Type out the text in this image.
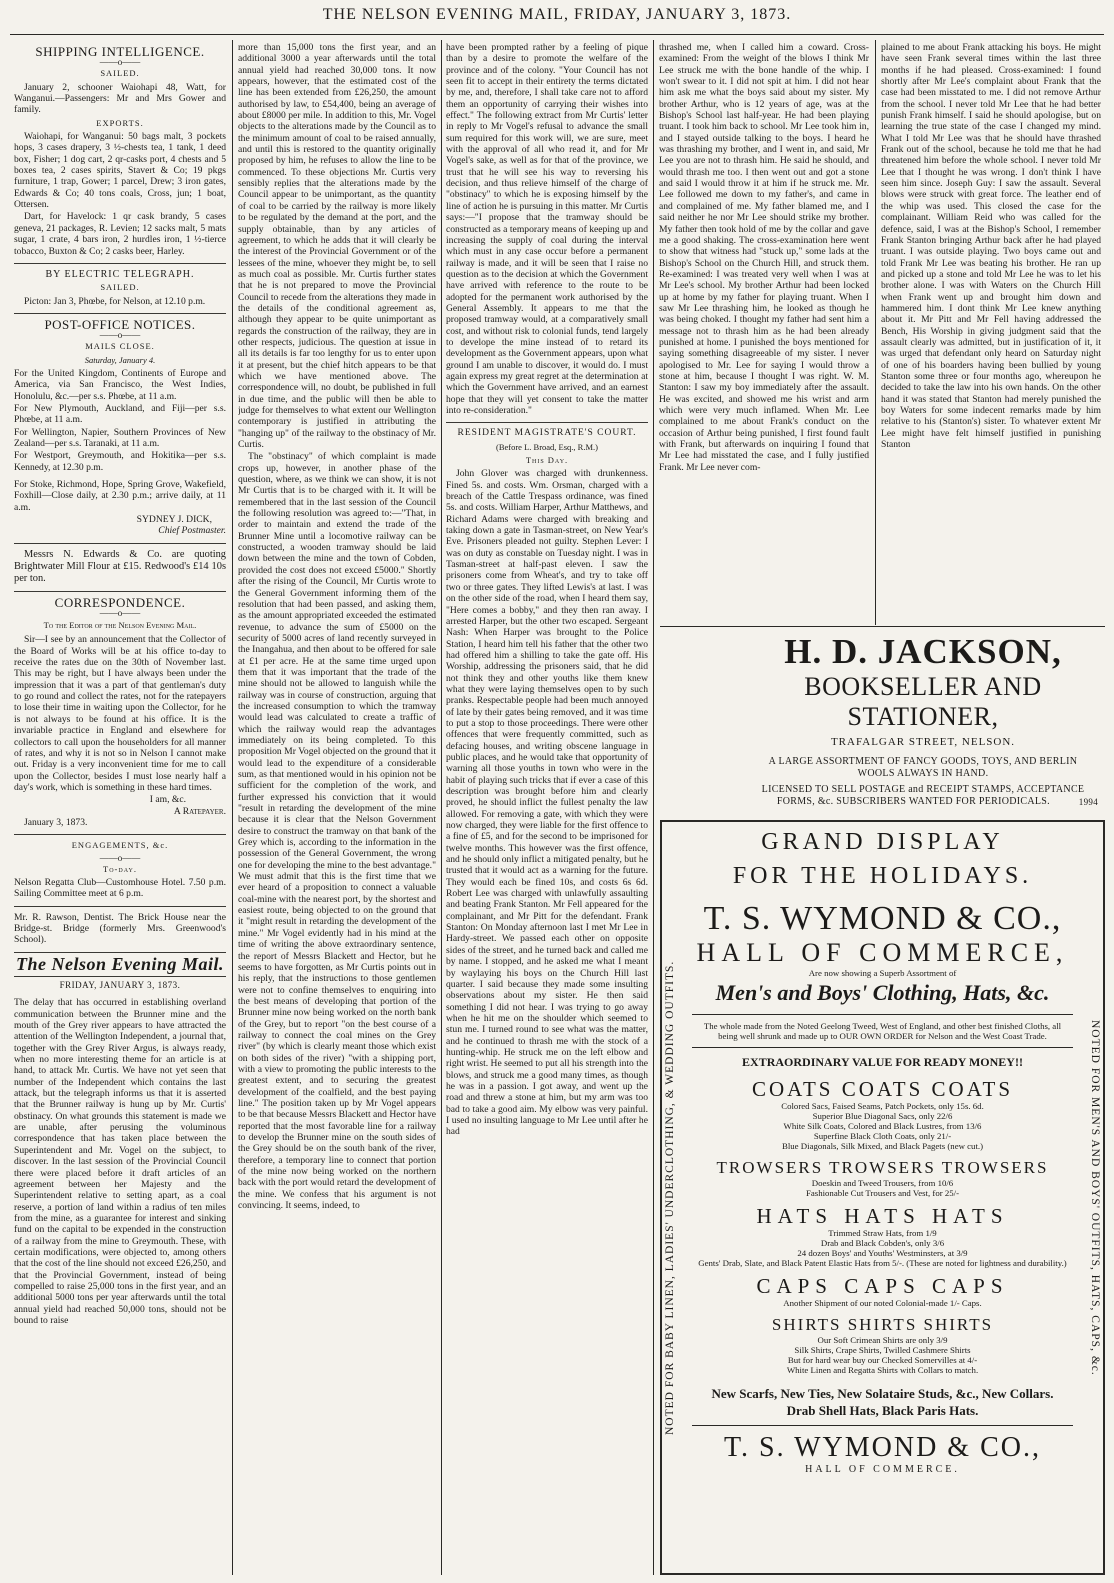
THE NELSON EVENING MAIL, FRIDAY, JANUARY 3, 1873.
SHIPPING INTELLIGENCE.
——o——
SAILED.

January 2, schooner Waiohapi 48, Watt, for Wanganui.—Passengers: Mr and Mrs Gower and family.

EXPORTS.

Waiohapi, for Wanganui: 50 bags malt, 3 pockets hops, 3 cases drapery, 3 ½-chests tea, 1 tank, 1 deed box, Fisher; 1 dog cart, 2 qr-casks port, 4 chests and 5 boxes tea, 2 cases spirits, Stavert & Co; 19 pkgs furniture, 1 trap, Gower; 1 parcel, Drew; 3 iron gates, Edwards & Co; 40 tons coals, Cross, jun; 1 boat, Ottersen.

Dart, for Havelock: 1 qr cask brandy, 5 cases geneva, 21 packages, R. Levien; 12 sacks malt, 5 mats sugar, 1 crate, 4 bars iron, 2 hurdles iron, 1 ½-tierce tobacco, Buxton & Co; 2 casks beer, Harley.

BY ELECTRIC TELEGRAPH.
SAILED.

Picton: Jan 3, Phœbe, for Nelson, at 12.10 p.m.

POST-OFFICE NOTICES.
——o——
MAILS CLOSE.
Saturday, January 4.

For the United Kingdom, Continents of Europe and America, via San Francisco, the West Indies, Honolulu, &c.—per s.s. Phœbe, at 11 a.m.

For New Plymouth, Auckland, and Fiji—per s.s. Phœbe, at 11 a.m.

For Wellington, Napier, Southern Provinces of New Zealand—per s.s. Taranaki, at 11 a.m.

For Westport, Greymouth, and Hokitika—per s.s. Kennedy, at 12.30 p.m.

For Stoke, Richmond, Hope, Spring Grove, Wakefield, Foxhill—Close daily, at 2.30 p.m.; arrive daily, at 11 a.m.

SYDNEY J. DICK,
Chief Postmaster.

Messrs N. Edwards & Co. are quoting Brightwater Mill Flour at £15. Redwood's £14 10s per ton.

CORRESPONDENCE.
——o——
To the Editor of the Nelson Evening Mail.

Sir—I see by an announcement that the Collector of the Board of Works will be at his office to-day to receive the rates due on the 30th of November last. This may be right, but I have always been under the impression that it was a part of that gentleman's duty to go round and collect the rates, not for the ratepayers to lose their time in waiting upon the Collector, for he is not always to be found at his office. It is the invariable practice in England and elsewhere for collectors to call upon the householders for all manner of rates, and why it is not so in Nelson I cannot make out. Friday is a very inconvenient time for me to call upon the Collector, besides I must lose nearly half a day's work, which is something in these hard times.

I am, &c.
A Ratepayer.

January 3, 1873.

ENGAGEMENTS, &c.
——o——
To-day.

Nelson Regatta Club—Customhouse Hotel. 7.50 p.m. Sailing Committee meet at 6 p.m.

Mr. R. Rawson, Dentist. The Brick House near the Bridge-st. Bridge (formerly Mrs. Greenwood's School).

The Nelson Evening Mail.
FRIDAY, JANUARY 3, 1873.

The delay that has occurred in establishing overland communication between the Brunner mine and the mouth of the Grey river appears to have attracted the attention of the Wellington Independent, a journal that, together with the Grey River Argus, is always ready, when no more interesting theme for an article is at hand, to attack Mr. Curtis. We have not yet seen that number of the Independent which contains the last attack, but the telegraph informs us that it is asserted that the Brunner railway is hung up by Mr. Curtis' obstinacy. On what grounds this statement is made we are unable, after perusing the voluminous correspondence that has taken place between the Superintendent and Mr. Vogel on the subject, to discover. In the last session of the Provincial Council there were placed before it draft articles of an agreement between her Majesty and the Superintendent relative to setting apart, as a coal reserve, a portion of land within a radius of ten miles from the mine, as a guarantee for interest and sinking fund on the capital to be expended in the construction of a railway from the mine to Greymouth. These, with certain modifications, were objected to, among others that the cost of the line should not exceed £26,250, and that the Provincial Government, instead of being compelled to raise 25,000 tons in the first year, and an additional 5000 tons per year afterwards until the total annual yield had reached 50,000 tons, should not be bound to raise

more than 15,000 tons the first year, and an additional 3000 a year afterwards until the total annual yield had reached 30,000 tons. It now appears, however, that the estimated cost of the line has been extended from £26,250, the amount authorised by law, to £54,400, being an average of about £8000 per mile. In addition to this, Mr. Vogel objects to the alterations made by the Council as to the minimum amount of coal to be raised annually, and until this is restored to the quantity originally proposed by him, he refuses to allow the line to be commenced. To these objections Mr. Curtis very sensibly replies that the alterations made by the Council appear to be unimportant, as the quantity of coal to be carried by the railway is more likely to be regulated by the demand at the port, and the supply obtainable, than by any articles of agreement, to which he adds that it will clearly be the interest of the Provincial Government or of the lessees of the mine, whoever they might be, to sell as much coal as possible. Mr. Curtis further states that he is not prepared to move the Provincial Council to recede from the alterations they made in the details of the conditional agreement as, although they appear to be quite unimportant as regards the construction of the railway, they are in other respects, judicious. The question at issue in all its details is far too lengthy for us to enter upon it at present, but the chief hitch appears to be that which we have mentioned above. The correspondence will, no doubt, be published in full in due time, and the public will then be able to judge for themselves to what extent our Wellington contemporary is justified in attributing the "hanging up" of the railway to the obstinacy of Mr. Curtis.

The "obstinacy" of which complaint is made crops up, however, in another phase of the question, where, as we think we can show, it is not Mr Curtis that is to be charged with it. It will be remembered that in the last session of the Council the following resolution was agreed to:—"That, in order to maintain and extend the trade of the Brunner Mine until a locomotive railway can be constructed, a wooden tramway should be laid down between the mine and the town of Cobden, provided the cost does not exceed £5000." Shortly after the rising of the Council, Mr Curtis wrote to the General Government informing them of the resolution that had been passed, and asking them, as the amount appropriated exceeded the estimated revenue, to advance the sum of £5000 on the security of 5000 acres of land recently surveyed in the Inangahua, and then about to be offered for sale at £1 per acre. He at the same time urged upon them that it was important that the trade of the mine should not be allowed to languish while the railway was in course of construction, arguing that the increased consumption to which the tramway would lead was calculated to create a traffic of which the railway would reap the advantages immediately on its being completed. To this proposition Mr Vogel objected on the ground that it would lead to the expenditure of a considerable sum, as that mentioned would in his opinion not be sufficient for the completion of the work, and further expressed his conviction that it would "result in retarding the development of the mine because it is clear that the Nelson Government desire to construct the tramway on that bank of the Grey which is, according to the information in the possession of the General Government, the wrong one for developing the mine to the best advantage." We must admit that this is the first time that we ever heard of a proposition to connect a valuable coal-mine with the nearest port, by the shortest and easiest route, being objected to on the ground that it "might result in retarding the development of the mine." Mr Vogel evidently had in his mind at the time of writing the above extraordinary sentence, the report of Messrs Blackett and Hector, but he seems to have forgotten, as Mr Curtis points out in his reply, that the instructions to those gentlemen were not to confine themselves to enquiring into the best means of developing that portion of the Brunner mine now being worked on the north bank of the Grey, but to report "on the best course of a railway to connect the coal mines on the Grey river" (by which is clearly meant those which exist on both sides of the river) "with a shipping port, with a view to promoting the public interests to the greatest extent, and to securing the greatest development of the coalfield, and the best paying line." The position taken up by Mr Vogel appears to be that because Messrs Blackett and Hector have reported that the most favorable line for a railway to develop the Brunner mine on the south sides of the Grey should be on the south bank of the river, therefore, a temporary line to connect that portion of the mine now being worked on the northern back with the port would retard the development of the mine. We confess that his argument is not convincing. It seems, indeed, to

have been prompted rather by a feeling of pique than by a desire to promote the welfare of the province and of the colony. "Your Council has not seen fit to accept in their entirety the terms dictated by me, and, therefore, I shall take care not to afford them an opportunity of carrying their wishes into effect." The following extract from Mr Curtis' letter in reply to Mr Vogel's refusal to advance the small sum required for this work will, we are sure, meet with the approval of all who read it, and for Mr Vogel's sake, as well as for that of the province, we trust that he will see his way to reversing his decision, and thus relieve himself of the charge of "obstinacy" to which he is exposing himself by the line of action he is pursuing in this matter. Mr Curtis says:—"I propose that the tramway should be constructed as a temporary means of keeping up and increasing the supply of coal during the interval which must in any case occur before a permanent railway is made, and it will be seen that I raise no question as to the decision at which the Government have arrived with reference to the route to be adopted for the permanent work authorised by the General Assembly. It appears to me that the proposed tramway would, at a comparatively small cost, and without risk to colonial funds, tend largely to develope the mine instead of to retard its development as the Government appears, upon what ground I am unable to discover, it would do. I must again express my great regret at the determination at which the Government have arrived, and an earnest hope that they will yet consent to take the matter into re-consideration."

RESIDENT MAGISTRATE'S COURT.
(Before L. Broad, Esq., R.M.)
This Day.

John Glover was charged with drunkenness. Fined 5s. and costs. Wm. Orsman, charged with a breach of the Cattle Trespass ordinance, was fined 5s. and costs. William Harper, Arthur Matthews, and Richard Adams were charged with breaking and taking down a gate in Tasman-street, on New Year's Eve. Prisoners pleaded not guilty. Stephen Lever: I was on duty as constable on Tuesday night. I was in Tasman-street at half-past eleven. I saw the prisoners come from Wheat's, and try to take off two or three gates. They lifted Lewis's at last. I was on the other side of the road, when I heard them say, "Here comes a bobby," and they then ran away. I arrested Harper, but the other two escaped. Sergeant Nash: When Harper was brought to the Police Station, I heard him tell his father that the other two had offered him a shilling to take the gate off. His Worship, addressing the prisoners said, that he did not think they and other youths like them knew what they were laying themselves open to by such pranks. Respectable people had been much annoyed of late by their gates being removed, and it was time to put a stop to those proceedings. There were other offences that were frequently committed, such as defacing houses, and writing obscene language in public places, and he would take that opportunity of warning all those youths in town who were in the habit of playing such tricks that if ever a case of this description was brought before him and clearly proved, he should inflict the fullest penalty the law allowed. For removing a gate, with which they were now charged, they were liable for the first offence to a fine of £5, and for the second to be imprisoned for twelve months. This however was the first offence, and he should only inflict a mitigated penalty, but he trusted that it would act as a warning for the future. They would each be fined 10s, and costs 6s 6d. Robert Lee was charged with unlawfully assaulting and beating Frank Stanton. Mr Fell appeared for the complainant, and Mr Pitt for the defendant. Frank Stanton: On Monday afternoon last I met Mr Lee in Hardy-street. We passed each other on opposite sides of the street, and he turned back and called me by name. I stopped, and he asked me what I meant by waylaying his boys on the Church Hill last quarter. I said because they made some insulting observations about my sister. He then said something I did not hear. I was trying to go away when he hit me on the shoulder which seemed to stun me. I turned round to see what was the matter, and he continued to thrash me with the stock of a hunting-whip. He struck me on the left elbow and right wrist. He seemed to put all his strength into the blows, and struck me a good many times, as though he was in a passion. I got away, and went up the road and threw a stone at him, but my arm was too bad to take a good aim. My elbow was very painful. I used no insulting language to Mr Lee until after he had

thrashed me, when I called him a coward. Cross-examined: From the weight of the blows I think Mr Lee struck me with the bone handle of the whip. I won't swear to it. I did not spit at him. I did not hear him ask me what the boys said about my sister. My brother Arthur, who is 12 years of age, was at the Bishop's School last half-year. He had been playing truant. I took him back to school. Mr Lee took him in, and I stayed outside talking to the boys. I heard he was thrashing my brother, and I went in, and said, Mr Lee you are not to thrash him. He said he should, and would thrash me too. I then went out and got a stone and said I would throw it at him if he struck me. Mr. Lee followed me down to my father's, and came in and complained of me. My father blamed me, and I said neither he nor Mr Lee should strike my brother. My father then took hold of me by the collar and gave me a good shaking. The cross-examination here went to show that witness had "stuck up," some lads at the Bishop's School on the Church Hill, and struck them. Re-examined: I was treated very well when I was at Mr Lee's school. My brother Arthur had been locked up at home by my father for playing truant. When I saw Mr Lee thrashing him, he looked as though he was being choked. I thought my father had sent him a message not to thrash him as he had been already punished at home. I punished the boys mentioned for saying something disagreeable of my sister. I never apologised to Mr. Lee for saying I would throw a stone at him, because I thought I was right. W. M. Stanton: I saw my boy immediately after the assault. He was excited, and showed me his wrist and arm which were very much inflamed. When Mr. Lee complained to me about Frank's conduct on the occasion of Arthur being punished, I first found fault with Frank, but afterwards on inquiring I found that Mr Lee had misstated the case, and I fully justified Frank. Mr Lee never com-

plained to me about Frank attacking his boys. He might have seen Frank several times within the last three months if he had pleased. Cross-examined: I found shortly after Mr Lee's complaint about Frank that the case had been misstated to me. I did not remove Arthur from the school. I never told Mr Lee that he had better punish Frank himself. I said he should apologise, but on learning the true state of the case I changed my mind. What I told Mr Lee was that he should have thrashed Frank out of the school, because he told me that he had threatened him before the whole school. I never told Mr Lee that I thought he was wrong. I don't think I have seen him since. Joseph Guy: I saw the assault. Several blows were struck with great force. The leather end of the whip was used. This closed the case for the complainant. William Reid who was called for the defence, said, I was at the Bishop's School, I remember Frank Stanton bringing Arthur back after he had played truant. I was outside playing. Two boys came out and told Frank Mr Lee was beating his brother. He ran up and picked up a stone and told Mr Lee he was to let his brother alone. I was with Waters on the Church Hill when Frank went up and brought him down and hammered him. I dont think Mr Lee knew anything about it. Mr Pitt and Mr Fell having addressed the Bench, His Worship in giving judgment said that the assault clearly was admitted, but in justification of it, it was urged that defendant only heard on Saturday night of one of his boarders having been bullied by young Stanton some three or four months ago, whereupon he decided to take the law into his own hands. On the other hand it was stated that Stanton had merely punished the boy Waters for some indecent remarks made by him relative to his (Stanton's) sister. To whatever extent Mr Lee might have felt himself justified in punishing Stanton

H. D. JACKSON,
BOOKSELLER AND STATIONER,
TRAFALGAR STREET, NELSON.
A LARGE ASSORTMENT OF FANCY GOODS, TOYS, AND BERLIN
WOOLS ALWAYS IN HAND.
LICENSED TO SELL POSTAGE and RECEIPT STAMPS, ACCEPTANCE
FORMS, &c. SUBSCRIBERS WANTED FOR PERIODICALS.	1994
NOTED FOR BABY LINEN, LADIES' UNDERCLOTHING, & WEDDING OUTFITS.	NOTED FOR MEN'S AND BOYS' OUTFITS, HATS, CAPS, &c.
GRAND DISPLAY
FOR THE HOLIDAYS.
T. S. WYMOND & CO.,
HALL OF COMMERCE,
Are now showing a Superb Assortment of
Men's and Boys' Clothing, Hats, &c.
The whole made from the Noted Geelong Tweed, West of England, and other best finished Cloths, all being well shrunk and made up to OUR OWN ORDER for Nelson and the West Coast Trade.
EXTRAORDINARY VALUE FOR READY MONEY!!
COATS COATS COATS
Colored Sacs, Faised Seams, Patch Pockets, only 15s. 6d.
Superior Blue Diagonal Sacs, only 22/6
White Silk Coats, Colored and Black Lustres, from 13/6
Superfine Black Cloth Coats, only 21/-
Blue Diagonals, Silk Mixed, and Black Pagets (new cut.)
TROWSERS TROWSERS TROWSERS
Doeskin and Tweed Trousers, from 10/6
Fashionable Cut Trousers and Vest, for 25/-
HATS HATS HATS
Trimmed Straw Hats, from 1/9
Drab and Black Cobden's, only 3/6
24 dozen Boys' and Youths' Westminsters, at 3/9
Gents' Drab, Slate, and Black Patent Elastic Hats from 5/-. (These are noted for lightness and durability.)
CAPS CAPS CAPS
Another Shipment of our noted Colonial-made 1/- Caps.
SHIRTS SHIRTS SHIRTS
Our Soft Crimean Shirts are only 3/9
Silk Shirts, Crape Shirts, Twilled Cashmere Shirts
But for hard wear buy our Checked Somervilles at 4/-
White Linen and Regatta Shirts with Collars to match.
New Scarfs, New Ties, New Solataire Studs, &c., New Collars.
Drab Shell Hats, Black Paris Hats.
T. S. WYMOND & CO.,
HALL OF COMMERCE.
